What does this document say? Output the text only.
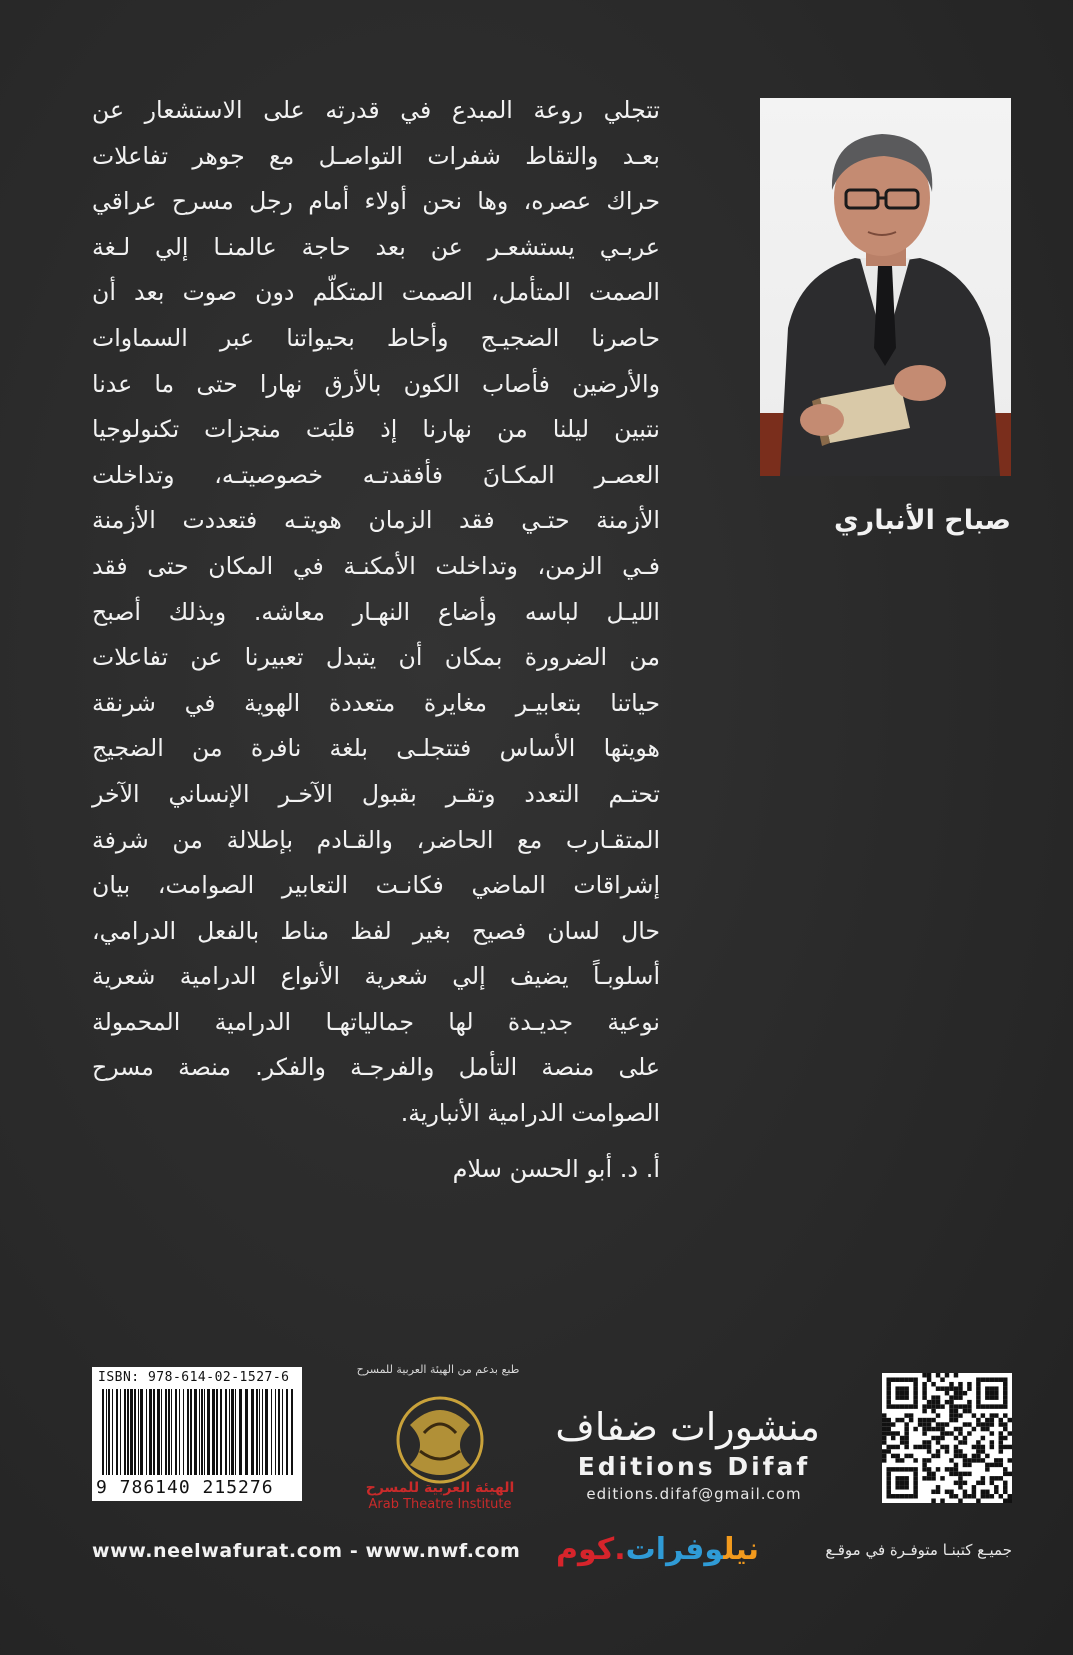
تتجلي روعة المبدع في قدرته على الاستشعار عن
بعـد والتقاط شفرات التواصـل مع جوهر تفاعلات
حراك عصره، وها نحن أولاء أمام رجل مسرح عراقي
عربـي يستشعـر عن بعد حاجة عالمنـا إلي لـغة
الصمت المتأمل، الصمت المتكلّم دون صوت بعد أن
حاصرنا الضجيـج وأحاط بحيواتنا عبر السماوات
والأرضين فأصاب الكون بالأرق نهارا حتى ما عدنا
نتبين ليلنا من نهارنا إذ قلبَت منجزات تكنولوجيا
العصـر المكـانَ فأفقدتـه خصوصيتـه، وتداخلت
الأزمنة حتـي فقد الزمان هويتـه فتعددت الأزمنة
فـي الزمن، وتداخلت الأمكنـة في المكان حتى فقد
الليـل لباسه وأضاع النهـار معاشه. وبذلك أصبح
من الضرورة بمكان أن يتبدل تعبيرنا عن تفاعلات
حياتنا بتعابيـر مغايرة متعددة الهوية في شرنقة
هويتها الأساس فتتجلـى بلغة نافرة من الضجيج
تحتـم التعدد وتقـر بقبول الآخـر الإنساني الآخر
المتقـارب مع الحاضر، والقـادم بإطلالة من شرفة
إشراقات الماضي فكانـت التعابير الصوامت، بيان
حال لسان فصيح بغير لفظ مناط بالفعل الدرامي،
أسلوبـاً يضيف إلي شعرية الأنواع الدرامية شعرية
نوعية جديـدة لها جمالياتهـا الدرامية المحمولة
على منصة التأمل والفرجـة والفكر. منصة مسرح
الصوامت الدرامية الأنبارية.
أ. د. أبو الحسن سلام
صباح الأنباري
ISBN: 978-614-02-1527-6
9 786140 215276
طبع بدعم من الهيئة العربية للمسرح
الهيئة العربية للمسرح
Arab Theatre Institute
منشورات ضفاف
Editions Difaf
editions.difaf@gmail.com
www.neelwafurat.com - www.nwf.com	نيلوفرات.كوم	جميـع كتبنـا متوفـرة في موقـع
